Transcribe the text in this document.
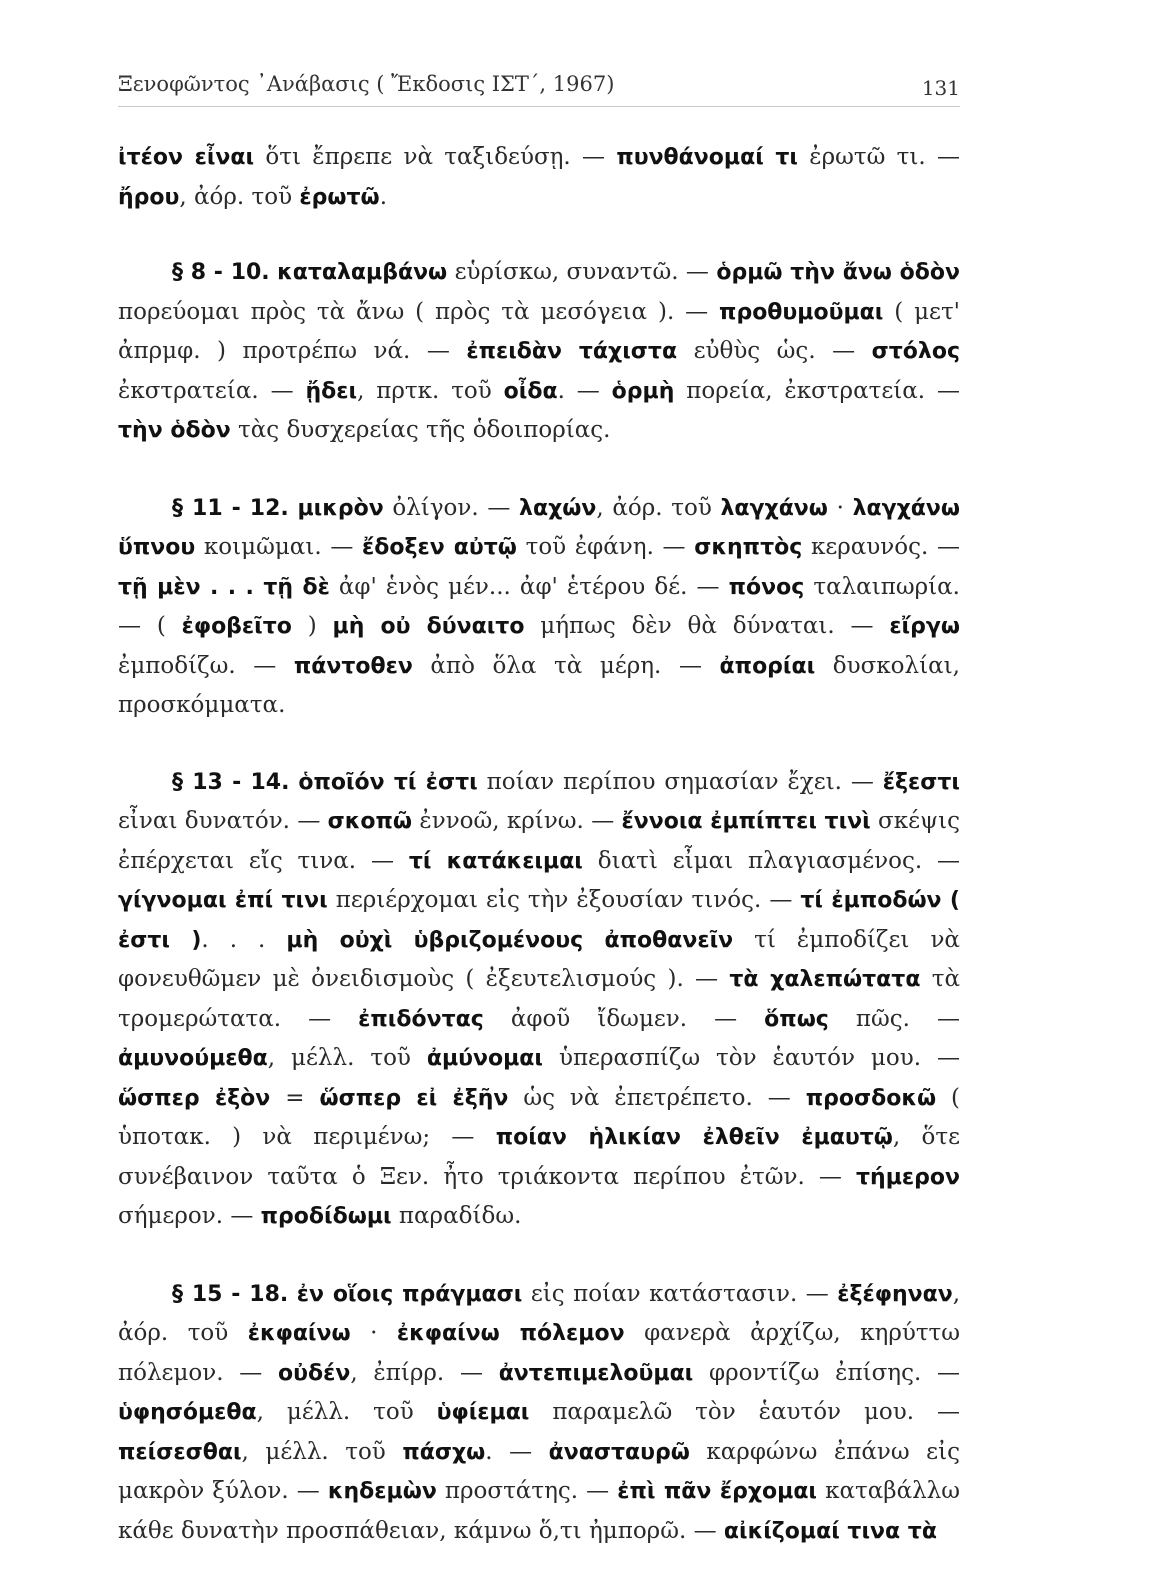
Ξενοφῶντος ᾿Ανάβασις ( Ἔκδοσις ΙΣΤ΄, 1967)	131

ἰτέον εἶναι ὅτι ἔπρεπε νὰ ταξιδεύσῃ. — πυνθάνομαί τι ἐρωτῶ τι. — ἤρου, ἀόρ. τοῦ ἐρωτῶ.

§ 8 - 10. καταλαμβάνω εὑρίσκω, συναντῶ. — ὁρμῶ τὴν ἄνω ὁδὸν πορεύομαι πρὸς τὰ ἄνω ( πρὸς τὰ μεσόγεια ). — προθυμοῦμαι ( μετ' ἀπρμφ. ) προτρέπω νά. — ἐπειδὰν τάχιστα εὐθὺς ὡς. — στόλος ἐκστρατεία. — ᾔδει, πρτκ. τοῦ οἶδα. — ὁρμὴ πορεία, ἐκστρατεία. — τὴν ὁδὸν τὰς δυσχερείας τῆς ὁδοιπορίας.

§ 11 - 12. μικρὸν ὀλίγον. — λαχών, ἀόρ. τοῦ λαγχάνω · λαγχάνω ὕπνου κοιμῶμαι. — ἔδοξεν αὐτῷ τοῦ ἐφάνη. — σκηπτὸς κεραυνός. — τῇ μὲν . . . τῇ δὲ ἀφ' ἑνὸς μέν... ἀφ' ἑτέρου δέ. — πόνος ταλαιπωρία. — ( ἐφοβεῖτο ) μὴ οὐ δύναιτο μήπως δὲν θὰ δύναται. — εἴργω ἐμποδίζω. — πάντοθεν ἀπὸ ὅλα τὰ μέρη. — ἀπορίαι δυσκολίαι, προσκόμματα.

§ 13 - 14. ὁποῖόν τί ἐστι ποίαν περίπου σημασίαν ἔχει. — ἔξεστι εἶναι δυνατόν. — σκοπῶ ἐννοῶ, κρίνω. — ἔννοια ἐμπίπτει τινὶ σκέψις ἐπέρχεται εἴς τινα. — τί κατάκειμαι διατὶ εἶμαι πλαγιασμένος. — γίγνομαι ἐπί τινι περιέρχομαι εἰς τὴν ἐξουσίαν τινός. — τί ἐμποδών ( ἐστι ). . . μὴ οὐχὶ ὑβριζομένους ἀποθανεῖν τί ἐμποδίζει νὰ φονευθῶμεν μὲ ὀνειδισμοὺς ( ἐξευτελισμούς ). — τὰ χαλεπώτατα τὰ τρομερώτατα. — ἐπιδόντας ἀφοῦ ἴδωμεν. — ὅπως πῶς. — ἀμυνούμεθα, μέλλ. τοῦ ἀμύνομαι ὑπερασπίζω τὸν ἑαυτόν μου. — ὥσπερ ἐξὸν = ὥσπερ εἰ ἐξῆν ὡς νὰ ἐπετρέπετο. — προσδοκῶ ( ὑποτακ. ) νὰ περιμένω; — ποίαν ἡλικίαν ἐλθεῖν ἐμαυτῷ, ὅτε συνέβαινον ταῦτα ὁ Ξεν. ἦτο τριάκοντα περίπου ἐτῶν. — τήμερον σήμερον. — προδίδωμι παραδίδω.

§ 15 - 18. ἐν οἵοις πράγμασι εἰς ποίαν κατάστασιν. — ἐξέφηναν, ἀόρ. τοῦ ἐκφαίνω · ἐκφαίνω πόλεμον φανερὰ ἀρχίζω, κηρύττω πόλεμον. — οὐδέν, ἐπίρρ. — ἀντεπιμελοῦμαι φροντίζω ἐπίσης. — ὑφησόμεθα, μέλλ. τοῦ ὑφίεμαι παραμελῶ τὸν ἑαυτόν μου. — πείσεσθαι, μέλλ. τοῦ πάσχω. — ἀνασταυρῶ καρφώνω ἐπάνω εἰς μακρὸν ξύλον. — κηδεμὼν προστάτης. — ἐπὶ πᾶν ἔρχομαι καταβάλλω κάθε δυνατὴν προσπάθειαν, κάμνω ὅ,τι ἠμπορῶ. — αἰκίζομαί τινα τὰ
